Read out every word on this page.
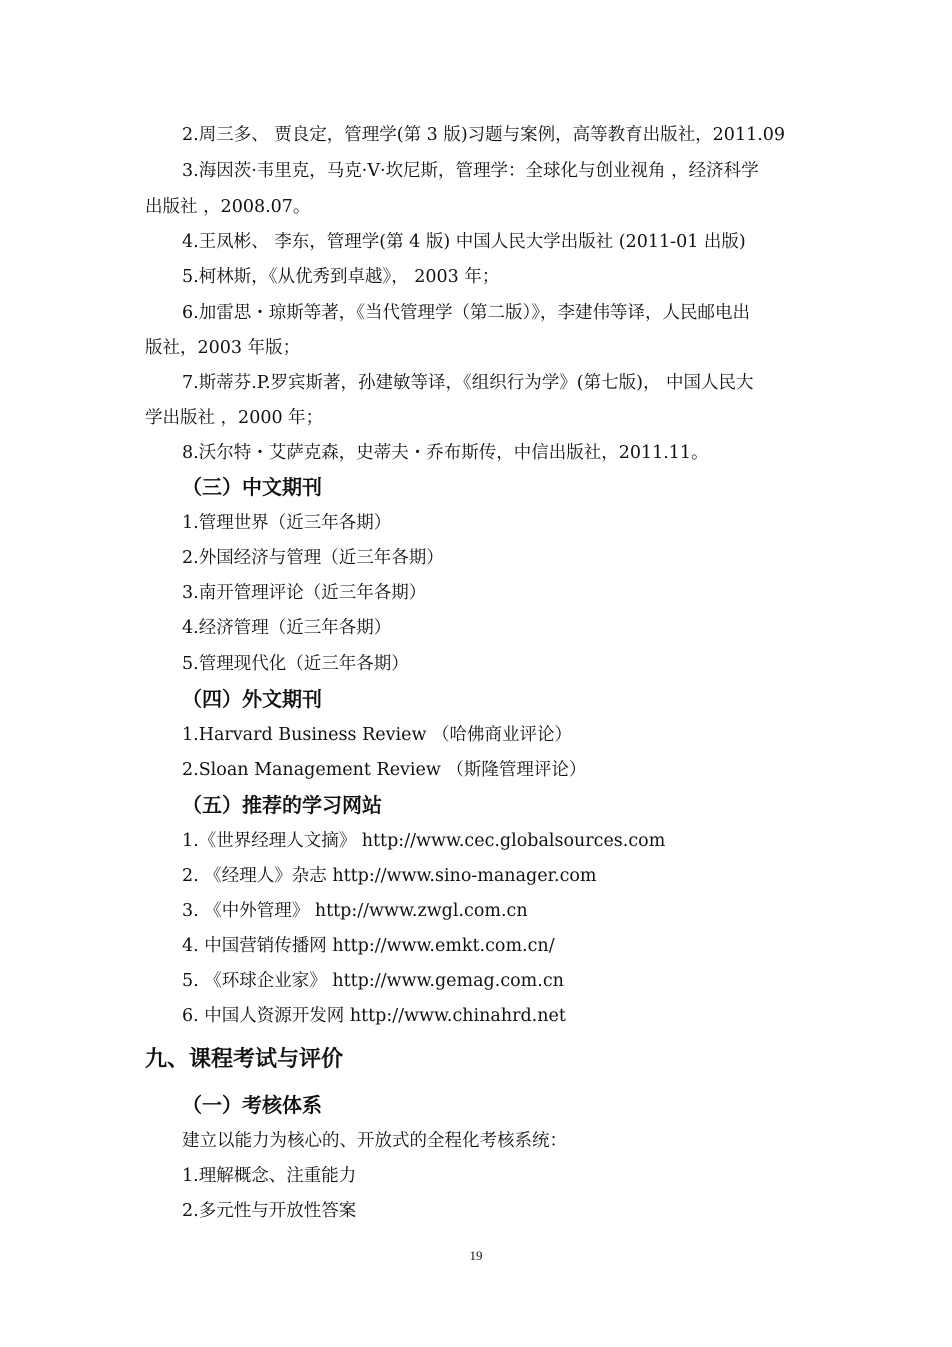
2.周三多、 贾良定，管理学(第 3 版)习题与案例，高等教育出版社，2011.09
3.海因茨·韦里克，马克·V·坎尼斯，管理学：全球化与创业视角 ，经济科学
出版社 ，2008.07。
4.王凤彬、 李东，管理学(第 4 版) 中国人民大学出版社 (2011-01 出版)
5.柯林斯，《从优秀到卓越》， 2003 年；
6.加雷思・琼斯等著，《当代管理学（第二版）》，李建伟等译，人民邮电出
版社，2003 年版；
7.斯蒂芬.P.罗宾斯著，孙建敏等译，《组织行为学》(第七版)， 中国人民大
学出版社 ，2000 年；
8.沃尔特・艾萨克森，史蒂夫・乔布斯传，中信出版社，2011.11。
（三）中文期刊
1.管理世界（近三年各期）
2.外国经济与管理（近三年各期）
3.南开管理评论（近三年各期）
4.经济管理（近三年各期）
5.管理现代化（近三年各期）
（四）外文期刊
1.Harvard Business Review （哈佛商业评论）
2.Sloan Management Review （斯隆管理评论）
（五）推荐的学习网站
1.《世界经理人文摘》 http://www.cec.globalsources.com
2. 《经理人》杂志 http://www.sino-manager.com
3. 《中外管理》 http://www.zwgl.com.cn
4. 中国营销传播网 http://www.emkt.com.cn/
5. 《环球企业家》 http://www.gemag.com.cn
6. 中国人资源开发网 http://www.chinahrd.net
九、课程考试与评价
（一）考核体系
建立以能力为核心的、开放式的全程化考核系统：
1.理解概念、注重能力
2.多元性与开放性答案
19
